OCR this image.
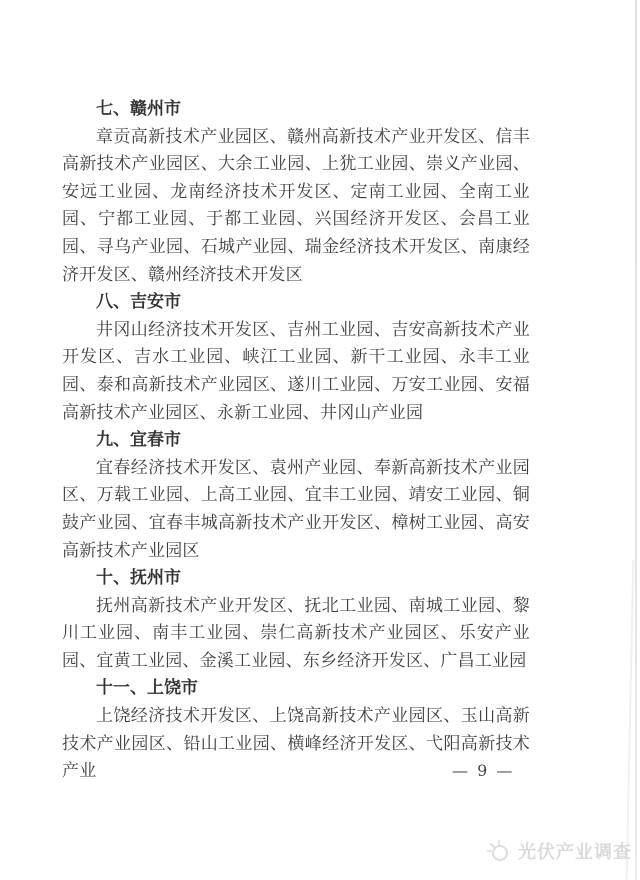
七、赣州市

章贡高新技术产业园区、赣州高新技术产业开发区、信丰高新技术产业园区、大余工业园、上犹工业园、崇义产业园、安远工业园、龙南经济技术开发区、定南工业园、全南工业园、宁都工业园、于都工业园、兴国经济开发区、会昌工业园、寻乌产业园、石城产业园、瑞金经济技术开发区、南康经济开发区、赣州经济技术开发区

八、吉安市

井冈山经济技术开发区、吉州工业园、吉安高新技术产业开发区、吉水工业园、峡江工业园、新干工业园、永丰工业园、泰和高新技术产业园区、遂川工业园、万安工业园、安福高新技术产业园区、永新工业园、井冈山产业园

九、宜春市

宜春经济技术开发区、袁州产业园、奉新高新技术产业园区、万载工业园、上高工业园、宜丰工业园、靖安工业园、铜鼓产业园、宜春丰城高新技术产业开发区、樟树工业园、高安高新技术产业园区

十、抚州市

抚州高新技术产业开发区、抚北工业园、南城工业园、黎川工业园、南丰工业园、崇仁高新技术产业园区、乐安产业园、宜黄工业园、金溪工业园、东乡经济开发区、广昌工业园

十一、上饶市

上饶经济技术开发区、上饶高新技术产业园区、玉山高新技术产业园区、铅山工业园、横峰经济开发区、弋阳高新技术产业	— 9 —
光伏产业调查
